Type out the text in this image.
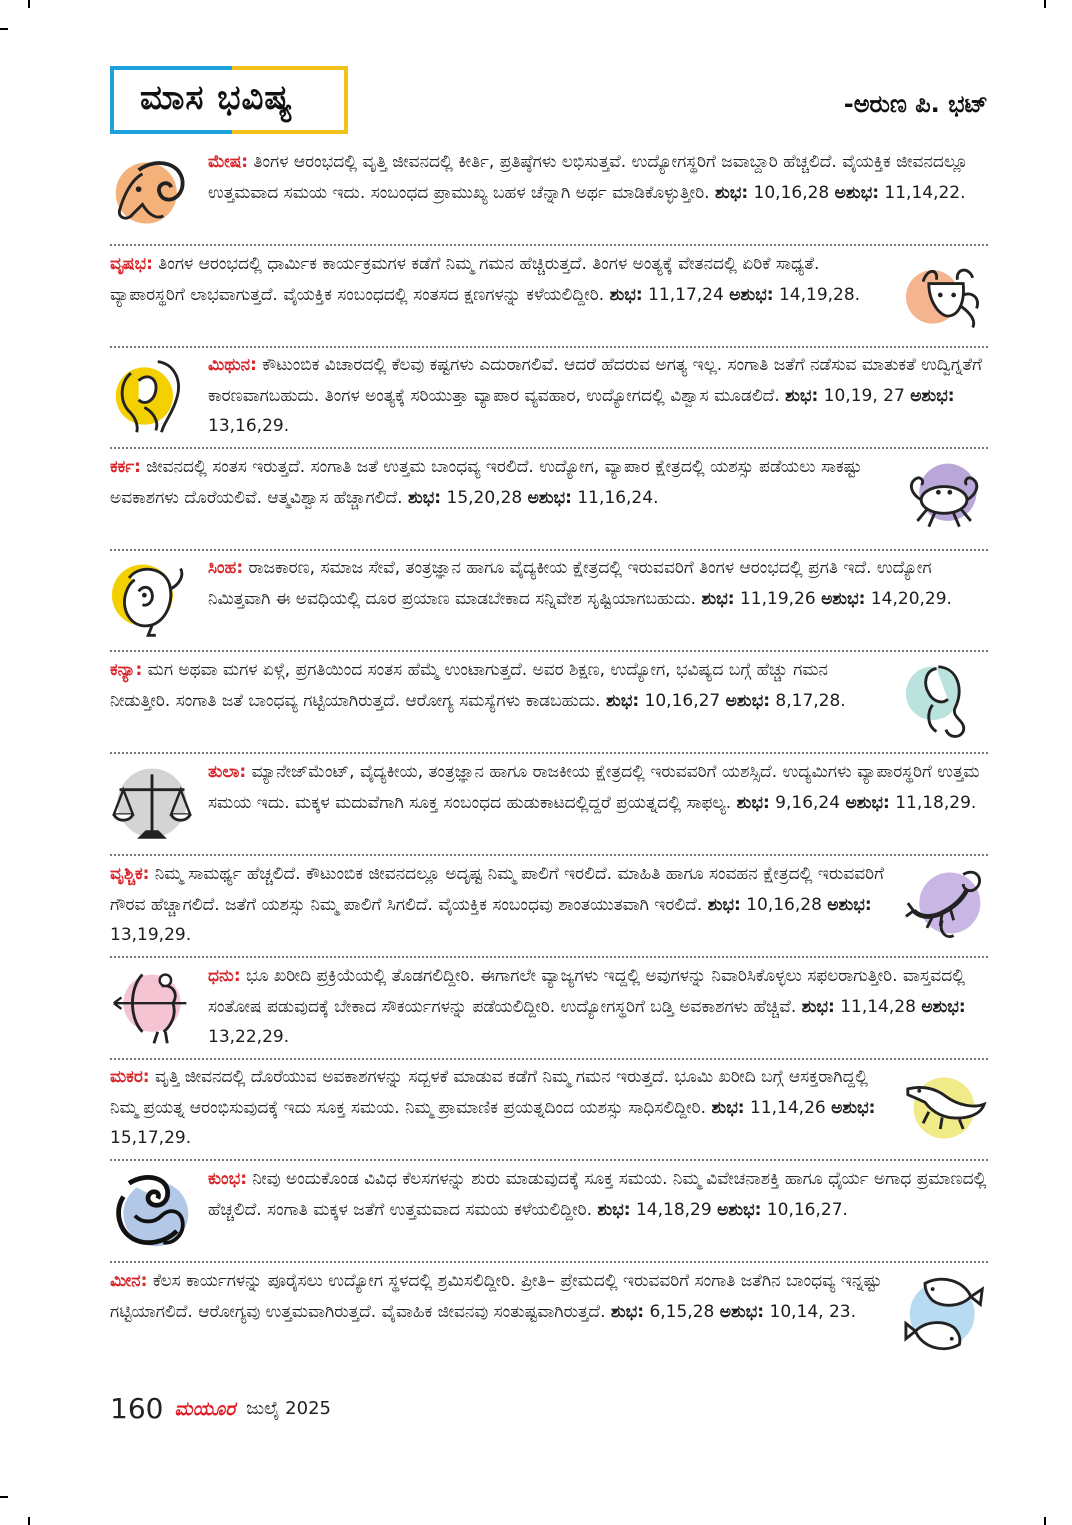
ಮಾಸ ಭವಿಷ್ಯ	-ಅರುಣ ಪಿ. ಭಟ್
ಮೇಷ: ತಿಂಗಳ ಆರಂಭದಲ್ಲಿ ವೃತ್ತಿ ಜೀವನದಲ್ಲಿ ಕೀರ್ತಿ, ಪ್ರತಿಷ್ಠೆಗಳು ಲಭಿಸುತ್ತವೆ. ಉದ್ಯೋಗಸ್ಥರಿಗೆ ಜವಾಬ್ದಾರಿ ಹೆಚ್ಚಲಿದೆ. ವೈಯಕ್ತಿಕ ಜೀವನದಲ್ಲೂ ಉತ್ತಮವಾದ ಸಮಯ ಇದು. ಸಂಬಂಧದ ಪ್ರಾಮುಖ್ಯ ಬಹಳ ಚೆನ್ನಾಗಿ ಅರ್ಥ ಮಾಡಿಕೊಳ್ಳುತ್ತೀರಿ. ಶುಭ: 10,16,28 ಅಶುಭ: 11,14,22.
ವೃಷಭ: ತಿಂಗಳ ಆರಂಭದಲ್ಲಿ ಧಾರ್ಮಿಕ ಕಾರ್ಯಕ್ರಮಗಳ ಕಡೆಗೆ ನಿಮ್ಮ ಗಮನ ಹೆಚ್ಚಿರುತ್ತದೆ. ತಿಂಗಳ ಅಂತ್ಯಕ್ಕೆ ವೇತನದಲ್ಲಿ ಏರಿಕೆ ಸಾಧ್ಯತೆ. ವ್ಯಾಪಾರಸ್ಥರಿಗೆ ಲಾಭವಾಗುತ್ತದೆ. ವೈಯಕ್ತಿಕ ಸಂಬಂಧದಲ್ಲಿ ಸಂತಸದ ಕ್ಷಣಗಳನ್ನು ಕಳೆಯಲಿದ್ದೀರಿ. ಶುಭ: 11,17,24 ಅಶುಭ: 14,19,28.
ಮಿಥುನ: ಕೌಟುಂಬಿಕ ವಿಚಾರದಲ್ಲಿ ಕೆಲವು ಕಷ್ಟಗಳು ಎದುರಾಗಲಿವೆ. ಆದರೆ ಹೆದರುವ ಅಗತ್ಯ ಇಲ್ಲ. ಸಂಗಾತಿ ಜತೆಗೆ ನಡೆಸುವ ಮಾತುಕತೆ ಉದ್ವಿಗ್ನತೆಗೆ ಕಾರಣವಾಗಬಹುದು. ತಿಂಗಳ ಅಂತ್ಯಕ್ಕೆ ಸರಿಯುತ್ತಾ ವ್ಯಾಪಾರ ವ್ಯವಹಾರ, ಉದ್ಯೋಗದಲ್ಲಿ ವಿಶ್ವಾಸ ಮೂಡಲಿದೆ. ಶುಭ: 10,19, 27 ಅಶುಭ: 13,16,29.
ಕರ್ಕ: ಜೀವನದಲ್ಲಿ ಸಂತಸ ಇರುತ್ತದೆ. ಸಂಗಾತಿ ಜತೆ ಉತ್ತಮ ಬಾಂಧವ್ಯ ಇರಲಿದೆ. ಉದ್ಯೋಗ, ವ್ಯಾಪಾರ ಕ್ಷೇತ್ರದಲ್ಲಿ ಯಶಸ್ಸು ಪಡೆಯಲು ಸಾಕಷ್ಟು ಅವಕಾಶಗಳು ದೊರೆಯಲಿವೆ. ಆತ್ಮವಿಶ್ವಾಸ ಹೆಚ್ಚಾಗಲಿದೆ. ಶುಭ: 15,20,28 ಅಶುಭ: 11,16,24.
ಸಿಂಹ: ರಾಜಕಾರಣ, ಸಮಾಜ ಸೇವೆ, ತಂತ್ರಜ್ಞಾನ ಹಾಗೂ ವೈದ್ಯಕೀಯ ಕ್ಷೇತ್ರದಲ್ಲಿ ಇರುವವರಿಗೆ ತಿಂಗಳ ಆರಂಭದಲ್ಲಿ ಪ್ರಗತಿ ಇದೆ. ಉದ್ಯೋಗ ನಿಮಿತ್ತವಾಗಿ ಈ ಅವಧಿಯಲ್ಲಿ ದೂರ ಪ್ರಯಾಣ ಮಾಡಬೇಕಾದ ಸನ್ನಿವೇಶ ಸೃಷ್ಟಿಯಾಗಬಹುದು. ಶುಭ: 11,19,26 ಅಶುಭ: 14,20,29.
ಕನ್ಯಾ: ಮಗ ಅಥವಾ ಮಗಳ ಏಳ್ಗೆ, ಪ್ರಗತಿಯಿಂದ ಸಂತಸ ಹೆಮ್ಮೆ ಉಂಟಾಗುತ್ತದೆ. ಅವರ ಶಿಕ್ಷಣ, ಉದ್ಯೋಗ, ಭವಿಷ್ಯದ ಬಗ್ಗೆ ಹೆಚ್ಚು ಗಮನ ನೀಡುತ್ತೀರಿ. ಸಂಗಾತಿ ಜತೆ ಬಾಂಧವ್ಯ ಗಟ್ಟಿಯಾಗಿರುತ್ತದೆ. ಆರೋಗ್ಯ ಸಮಸ್ಯೆಗಳು ಕಾಡಬಹುದು. ಶುಭ: 10,16,27 ಅಶುಭ: 8,17,28.
ತುಲಾ: ಮ್ಯಾನೇಜ್‌ಮೆಂಟ್, ವೈದ್ಯಕೀಯ, ತಂತ್ರಜ್ಞಾನ ಹಾಗೂ ರಾಜಕೀಯ ಕ್ಷೇತ್ರದಲ್ಲಿ ಇರುವವರಿಗೆ ಯಶಸ್ಸಿದೆ. ಉದ್ಯಮಿಗಳು ವ್ಯಾಪಾರಸ್ಥರಿಗೆ ಉತ್ತಮ ಸಮಯ ಇದು. ಮಕ್ಕಳ ಮದುವೆಗಾಗಿ ಸೂಕ್ತ ಸಂಬಂಧದ ಹುಡುಕಾಟದಲ್ಲಿದ್ದರೆ ಪ್ರಯತ್ನದಲ್ಲಿ ಸಾಫಲ್ಯ. ಶುಭ: 9,16,24 ಅಶುಭ: 11,18,29.
ವೃಶ್ಚಿಕ: ನಿಮ್ಮ ಸಾಮರ್ಥ್ಯ ಹೆಚ್ಚಲಿದೆ. ಕೌಟುಂಬಿಕ ಜೀವನದಲ್ಲೂ ಅದೃಷ್ಟ ನಿಮ್ಮ ಪಾಲಿಗೆ ಇರಲಿದೆ. ಮಾಹಿತಿ ಹಾಗೂ ಸಂವಹನ ಕ್ಷೇತ್ರದಲ್ಲಿ ಇರುವವರಿಗೆ ಗೌರವ ಹೆಚ್ಚಾಗಲಿದೆ. ಜತೆಗೆ ಯಶಸ್ಸು ನಿಮ್ಮ ಪಾಲಿಗೆ ಸಿಗಲಿದೆ. ವೈಯಕ್ತಿಕ ಸಂಬಂಧವು ಶಾಂತಯುತವಾಗಿ ಇರಲಿದೆ. ಶುಭ: 10,16,28 ಅಶುಭ: 13,19,29.
ಧನು: ಭೂ ಖರೀದಿ ಪ್ರಕ್ರಿಯೆಯಲ್ಲಿ ತೊಡಗಲಿದ್ದೀರಿ. ಈಗಾಗಲೇ ವ್ಯಾಜ್ಯಗಳು ಇದ್ದಲ್ಲಿ ಅವುಗಳನ್ನು ನಿವಾರಿಸಿಕೊಳ್ಳಲು ಸಫಲರಾಗುತ್ತೀರಿ. ವಾಸ್ತವದಲ್ಲಿ ಸಂತೋಷ ಪಡುವುದಕ್ಕೆ ಬೇಕಾದ ಸೌಕರ್ಯಗಳನ್ನು ಪಡೆಯಲಿದ್ದೀರಿ. ಉದ್ಯೋಗಸ್ಥರಿಗೆ ಬಡ್ತಿ ಅವಕಾಶಗಳು ಹೆಚ್ಚಿವೆ. ಶುಭ: 11,14,28 ಅಶುಭ: 13,22,29.
ಮಕರ: ವೃತ್ತಿ ಜೀವನದಲ್ಲಿ ದೊರೆಯುವ ಅವಕಾಶಗಳನ್ನು ಸದ್ಬಳಕೆ ಮಾಡುವ ಕಡೆಗೆ ನಿಮ್ಮ ಗಮನ ಇರುತ್ತದೆ. ಭೂಮಿ ಖರೀದಿ ಬಗ್ಗೆ ಆಸಕ್ತರಾಗಿದ್ದಲ್ಲಿ ನಿಮ್ಮ ಪ್ರಯತ್ನ ಆರಂಭಿಸುವುದಕ್ಕೆ ಇದು ಸೂಕ್ತ ಸಮಯ. ನಿಮ್ಮ ಪ್ರಾಮಾಣಿಕ ಪ್ರಯತ್ನದಿಂದ ಯಶಸ್ಸು ಸಾಧಿಸಲಿದ್ದೀರಿ. ಶುಭ: 11,14,26 ಅಶುಭ: 15,17,29.
ಕುಂಭ: ನೀವು ಅಂದುಕೊಂಡ ವಿವಿಧ ಕೆಲಸಗಳನ್ನು ಶುರು ಮಾಡುವುದಕ್ಕೆ ಸೂಕ್ತ ಸಮಯ. ನಿಮ್ಮ ವಿವೇಚನಾಶಕ್ತಿ ಹಾಗೂ ಧೈರ್ಯ ಅಗಾಧ ಪ್ರಮಾಣದಲ್ಲಿ ಹೆಚ್ಚಲಿದೆ. ಸಂಗಾತಿ ಮಕ್ಕಳ ಜತೆಗೆ ಉತ್ತಮವಾದ ಸಮಯ ಕಳೆಯಲಿದ್ದೀರಿ. ಶುಭ: 14,18,29 ಅಶುಭ: 10,16,27.
ಮೀನ: ಕೆಲಸ ಕಾರ್ಯಗಳನ್ನು ಪೂರೈಸಲು ಉದ್ಯೋಗ ಸ್ಥಳದಲ್ಲಿ ಶ್ರಮಿಸಲಿದ್ದೀರಿ. ಪ್ರೀತಿ– ಪ್ರೇಮದಲ್ಲಿ ಇರುವವರಿಗೆ ಸಂಗಾತಿ ಜತೆಗಿನ ಬಾಂಧವ್ಯ ಇನ್ನಷ್ಟು ಗಟ್ಟಿಯಾಗಲಿದೆ. ಆರೋಗ್ಯವು ಉತ್ತಮವಾಗಿರುತ್ತದೆ. ವೈವಾಹಿಕ ಜೀವನವು ಸಂತುಷ್ಟವಾಗಿರುತ್ತದೆ. ಶುಭ: 6,15,28 ಅಶುಭ: 10,14, 23.
160 ಮಯೂರ ಜುಲೈ 2025
